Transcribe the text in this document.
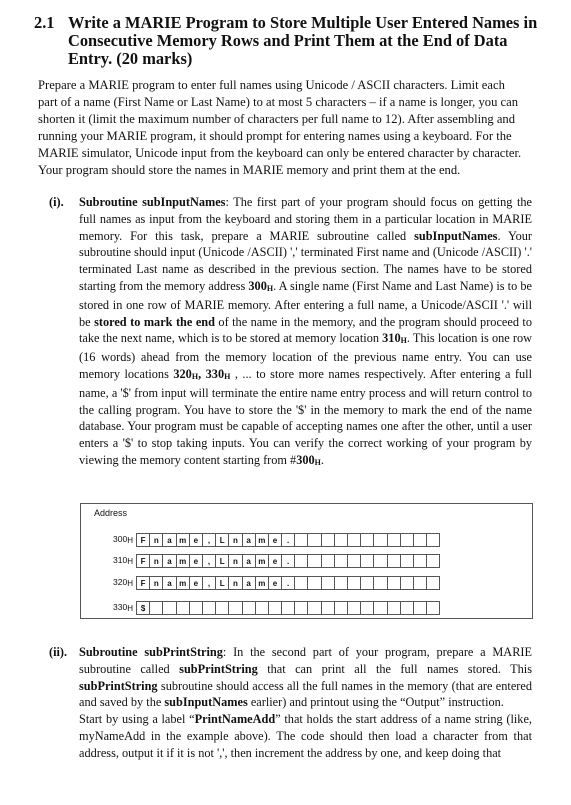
2.1 Write a MARIE Program to Store Multiple User Entered Names in
Consecutive Memory Rows and Print Them at the End of Data
Entry. (20 marks)
Prepare a MARIE program to enter full names using Unicode / ASCII characters. Limit each
part of a name (First Name or Last Name) to at most 5 characters – if a name is longer, you can
shorten it (limit the maximum number of characters per full name to 12). After assembling and
running your MARIE program, it should prompt for entering names using a keyboard. For the
MARIE simulator, Unicode input from the keyboard can only be entered character by character.
Your program should store the names in MARIE memory and print them at the end.
(i). Subroutine subInputNames: The first part of your program should focus on getting the full names as input from the keyboard and storing them in a particular location in MARIE memory. For this task, prepare a MARIE subroutine called subInputNames. Your subroutine should input (Unicode /ASCII) ',' terminated First name and (Unicode /ASCII) '.' terminated Last name as described in the previous section. The names have to be stored starting from the memory address $300_H$. A single name (First Name and Last Name) is to be stored in one row of MARIE memory. After entering a full name, a Unicode/ASCII '.' will be stored to mark the end of the name in the memory, and the program should proceed to take the next name, which is to be stored at memory location $310_H$. This location is one row (16 words) ahead from the memory location of the previous name entry. You can use memory locations $320_H$, $330_H$ , ... to store more names respectively. After entering a full name, a '$' from input will terminate the entire name entry process and will return control to the calling program. You have to store the '$' in the memory to mark the end of the name database. Your program must be capable of accepting names one after the other, until a user enters a '$' to stop taking inputs. You can verify the correct working of your program by viewing the memory content starting from $\#300_H$.

Address
$300_H$ F	n	a m e	,	L	n	a m e	.
$310_H$ F	n	a m e	,	L	n	a m e	.
$320_H$ F	n	a m e	,	L	n	a m e	.
$330_H$ $
(ii). Subroutine subPrintString: In the second part of your program, prepare a MARIE subroutine called subPrintString that can print all the full names stored. This subPrintString subroutine should access all the full names in the memory (that are entered and saved by the subInputNames earlier) and printout using the “Output” instruction.

Start by using a label “PrintNameAdd” that holds the start address of a name string (like, myNameAdd in the example above). The code should then load a character from that address, output it if it is not ',', then increment the address by one, and keep doing that
